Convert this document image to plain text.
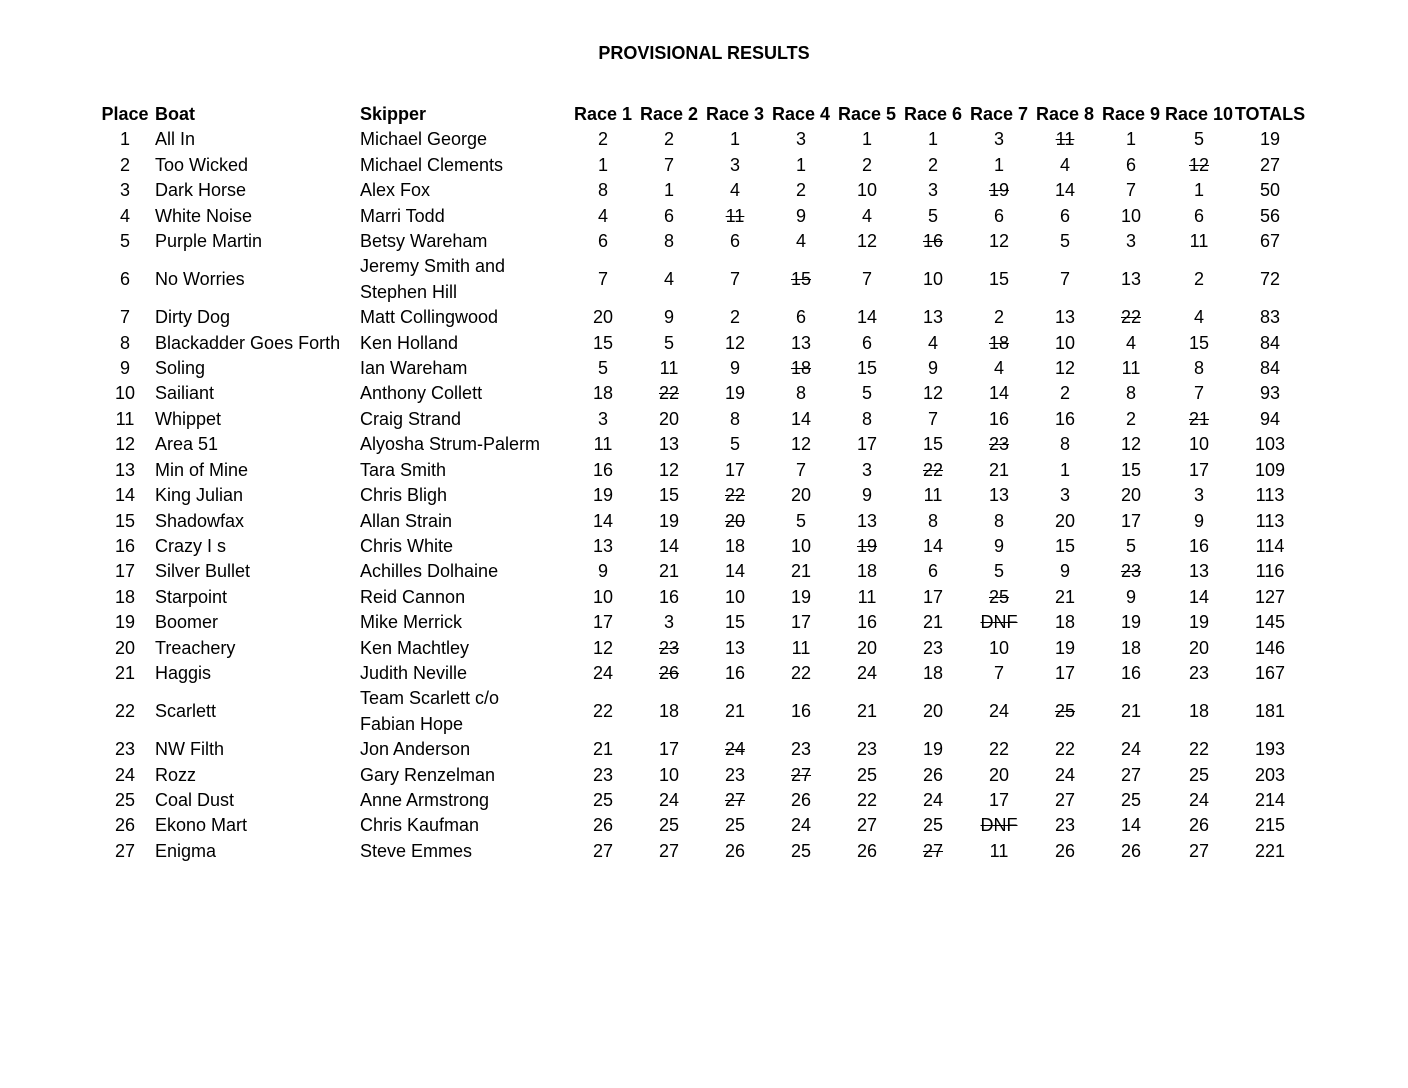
PROVISIONAL RESULTS
Place	Boat	Skipper	Race 1	Race 2	Race 3	Race 4	Race 5	Race 6	Race 7	Race 8	Race 9	Race 10	TOTALS
1	All In	Michael George	2	2	1	3	1	1	3	11	1	5	19
2	Too Wicked	Michael Clements	1	7	3	1	2	2	1	4	6	12	27
3	Dark Horse	Alex Fox	8	1	4	2	10	3	19	14	7	1	50
4	White Noise	Marri Todd	4	6	11	9	4	5	6	6	10	6	56
5	Purple Martin	Betsy Wareham	6	8	6	4	12	16	12	5	3	11	67
6	No Worries	Jeremy Smith and
Stephen Hill	7	4	7	15	7	10	15	7	13	2	72
7	Dirty Dog	Matt Collingwood	20	9	2	6	14	13	2	13	22	4	83
8	Blackadder Goes Forth	Ken Holland	15	5	12	13	6	4	18	10	4	15	84
9	Soling	Ian Wareham	5	11	9	18	15	9	4	12	11	8	84
10	Sailiant	Anthony Collett	18	22	19	8	5	12	14	2	8	7	93
11	Whippet	Craig Strand	3	20	8	14	8	7	16	16	2	21	94
12	Area 51	Alyosha Strum-Palerm	11	13	5	12	17	15	23	8	12	10	103
13	Min of Mine	Tara Smith	16	12	17	7	3	22	21	1	15	17	109
14	King Julian	Chris Bligh	19	15	22	20	9	11	13	3	20	3	113
15	Shadowfax	Allan Strain	14	19	20	5	13	8	8	20	17	9	113
16	Crazy I s	Chris White	13	14	18	10	19	14	9	15	5	16	114
17	Silver Bullet	Achilles Dolhaine	9	21	14	21	18	6	5	9	23	13	116
18	Starpoint	Reid Cannon	10	16	10	19	11	17	25	21	9	14	127
19	Boomer	Mike Merrick	17	3	15	17	16	21	DNF	18	19	19	145
20	Treachery	Ken Machtley	12	23	13	11	20	23	10	19	18	20	146
21	Haggis	Judith Neville	24	26	16	22	24	18	7	17	16	23	167
22	Scarlett	Team Scarlett c/o
Fabian Hope	22	18	21	16	21	20	24	25	21	18	181
23	NW Filth	Jon Anderson	21	17	24	23	23	19	22	22	24	22	193
24	Rozz	Gary Renzelman	23	10	23	27	25	26	20	24	27	25	203
25	Coal Dust	Anne Armstrong	25	24	27	26	22	24	17	27	25	24	214
26	Ekono Mart	Chris Kaufman	26	25	25	24	27	25	DNF	23	14	26	215
27	Enigma	Steve Emmes	27	27	26	25	26	27	11	26	26	27	221
